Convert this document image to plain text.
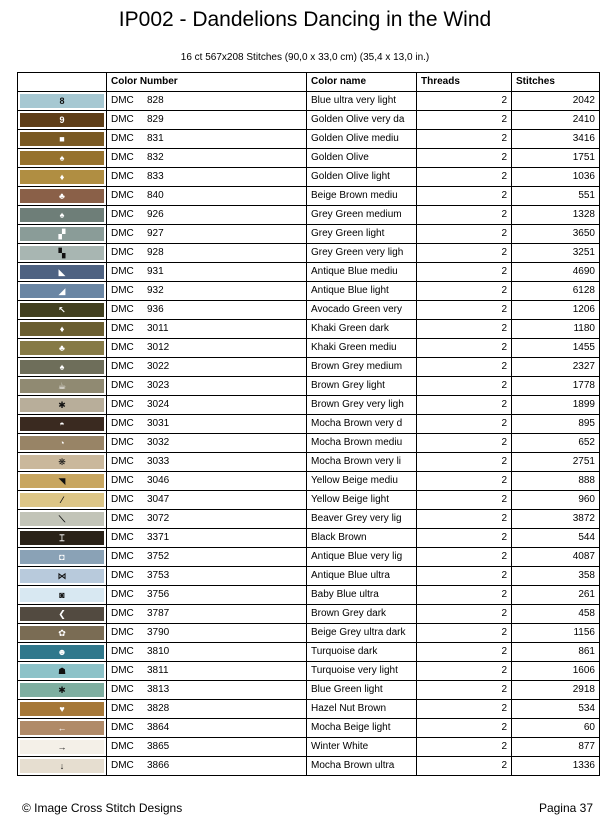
IP002 - Dandelions Dancing in the Wind
16 ct 567x208 Stitches (90,0 x 33,0 cm) (35,4 x 13,0 in.)
	Color Number	Color name	Threads	Stitches

8	DMC 828	Blue ultra very light	2	2042

9	DMC 829	Golden Olive very da	2	2410

■	DMC 831	Golden Olive mediu	2	3416

♠	DMC 832	Golden Olive	2	1751

♦	DMC 833	Golden Olive light	2	1036

♣	DMC 840	Beige Brown mediu	2	551

♠	DMC 926	Grey Green medium	2	1328

▞	DMC 927	Grey Green light	2	3650

▚	DMC 928	Grey Green very ligh	2	3251

◣	DMC 931	Antique Blue mediu	2	4690

◢	DMC 932	Antique Blue light	2	6128

↖	DMC 936	Avocado Green very	2	1206

♦	DMC 3011	Khaki Green dark	2	1180

♣	DMC 3012	Khaki Green mediu	2	1455

♠	DMC 3022	Brown Grey medium	2	2327

☕	DMC 3023	Brown Grey light	2	1778

✱	DMC 3024	Brown Grey very ligh	2	1899

◓	DMC 3031	Mocha Brown very d	2	895

◔	DMC 3032	Mocha Brown mediu	2	652

❋	DMC 3033	Mocha Brown very li	2	2751

◥	DMC 3046	Yellow Beige mediu	2	888

⁄	DMC 3047	Yellow Beige light	2	960

⟍	DMC 3072	Beaver Grey very lig	2	3872

⌶	DMC 3371	Black Brown	2	544

◘	DMC 3752	Antique Blue very lig	2	4087

⋈	DMC 3753	Antique Blue ultra	2	358

◙	DMC 3756	Baby Blue ultra	2	261

❮	DMC 3787	Brown Grey dark	2	458

✿	DMC 3790	Beige Grey ultra dark	2	1156

☻	DMC 3810	Turquoise dark	2	861

☗	DMC 3811	Turquoise very light	2	1606

✱	DMC 3813	Blue Green light	2	2918

♥	DMC 3828	Hazel Nut Brown	2	534

←	DMC 3864	Mocha Beige light	2	60

→	DMC 3865	Winter White	2	877

↓	DMC 3866	Mocha Brown ultra	2	1336
© Image Cross Stitch Designs	Pagina 37
